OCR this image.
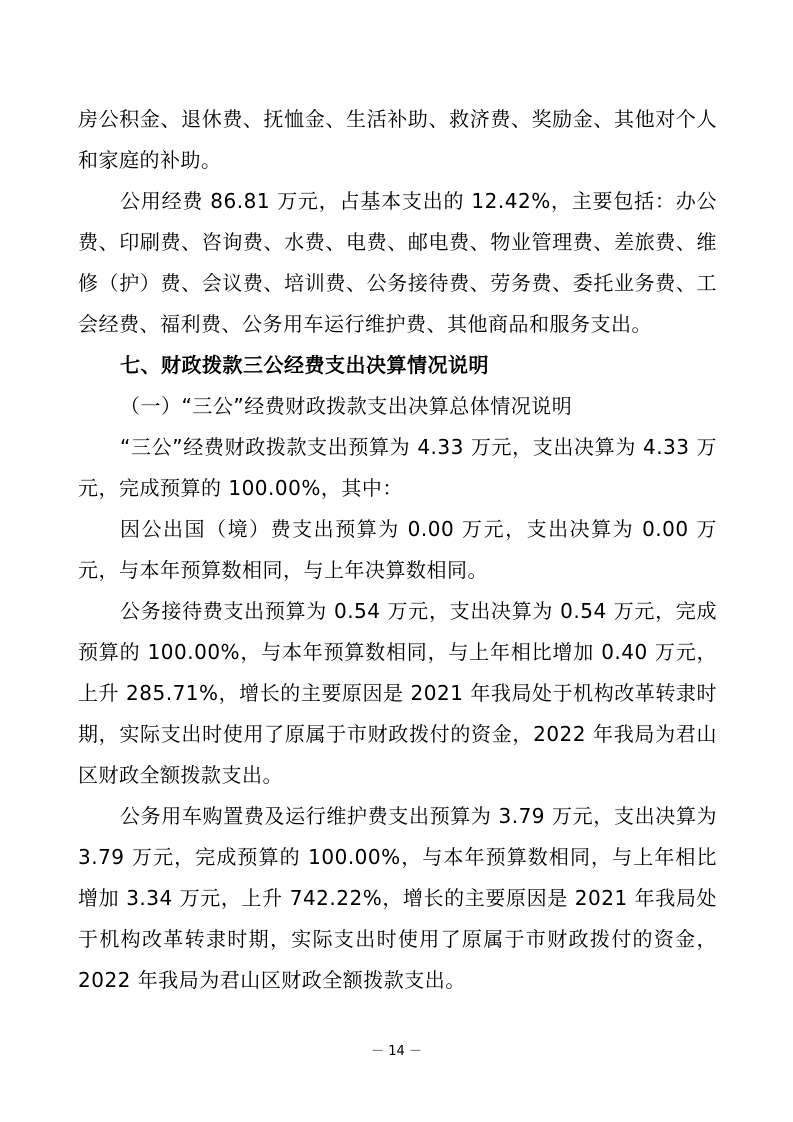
房公积金、退休费、抚恤金、生活补助、救济费、奖励金、其他对个人和家庭的补助。

公用经费 86.81 万元，占基本支出的 12.42%，主要包括：办公费、印刷费、咨询费、水费、电费、邮电费、物业管理费、差旅费、维修（护）费、会议费、培训费、公务接待费、劳务费、委托业务费、工会经费、福利费、公务用车运行维护费、其他商品和服务支出。

七、财政拨款三公经费支出决算情况说明

（一）“三公”经费财政拨款支出决算总体情况说明

“三公”经费财政拨款支出预算为 4.33 万元，支出决算为 4.33 万元，完成预算的 100.00%，其中：

因公出国（境）费支出预算为 0.00 万元，支出决算为 0.00 万元，与本年预算数相同，与上年决算数相同。

公务接待费支出预算为 0.54 万元，支出决算为 0.54 万元，完成预算的 100.00%，与本年预算数相同，与上年相比增加 0.40 万元，上升 285.71%，增长的主要原因是 2021 年我局处于机构改革转隶时期，实际支出时使用了原属于市财政拨付的资金，2022 年我局为君山区财政全额拨款支出。

公务用车购置费及运行维护费支出预算为 3.79 万元，支出决算为 3.79 万元，完成预算的 100.00%，与本年预算数相同，与上年相比增加 3.34 万元，上升 742.22%，增长的主要原因是 2021 年我局处于机构改革转隶时期，实际支出时使用了原属于市财政拨付的资金，2022 年我局为君山区财政全额拨款支出。

－ 14 －
